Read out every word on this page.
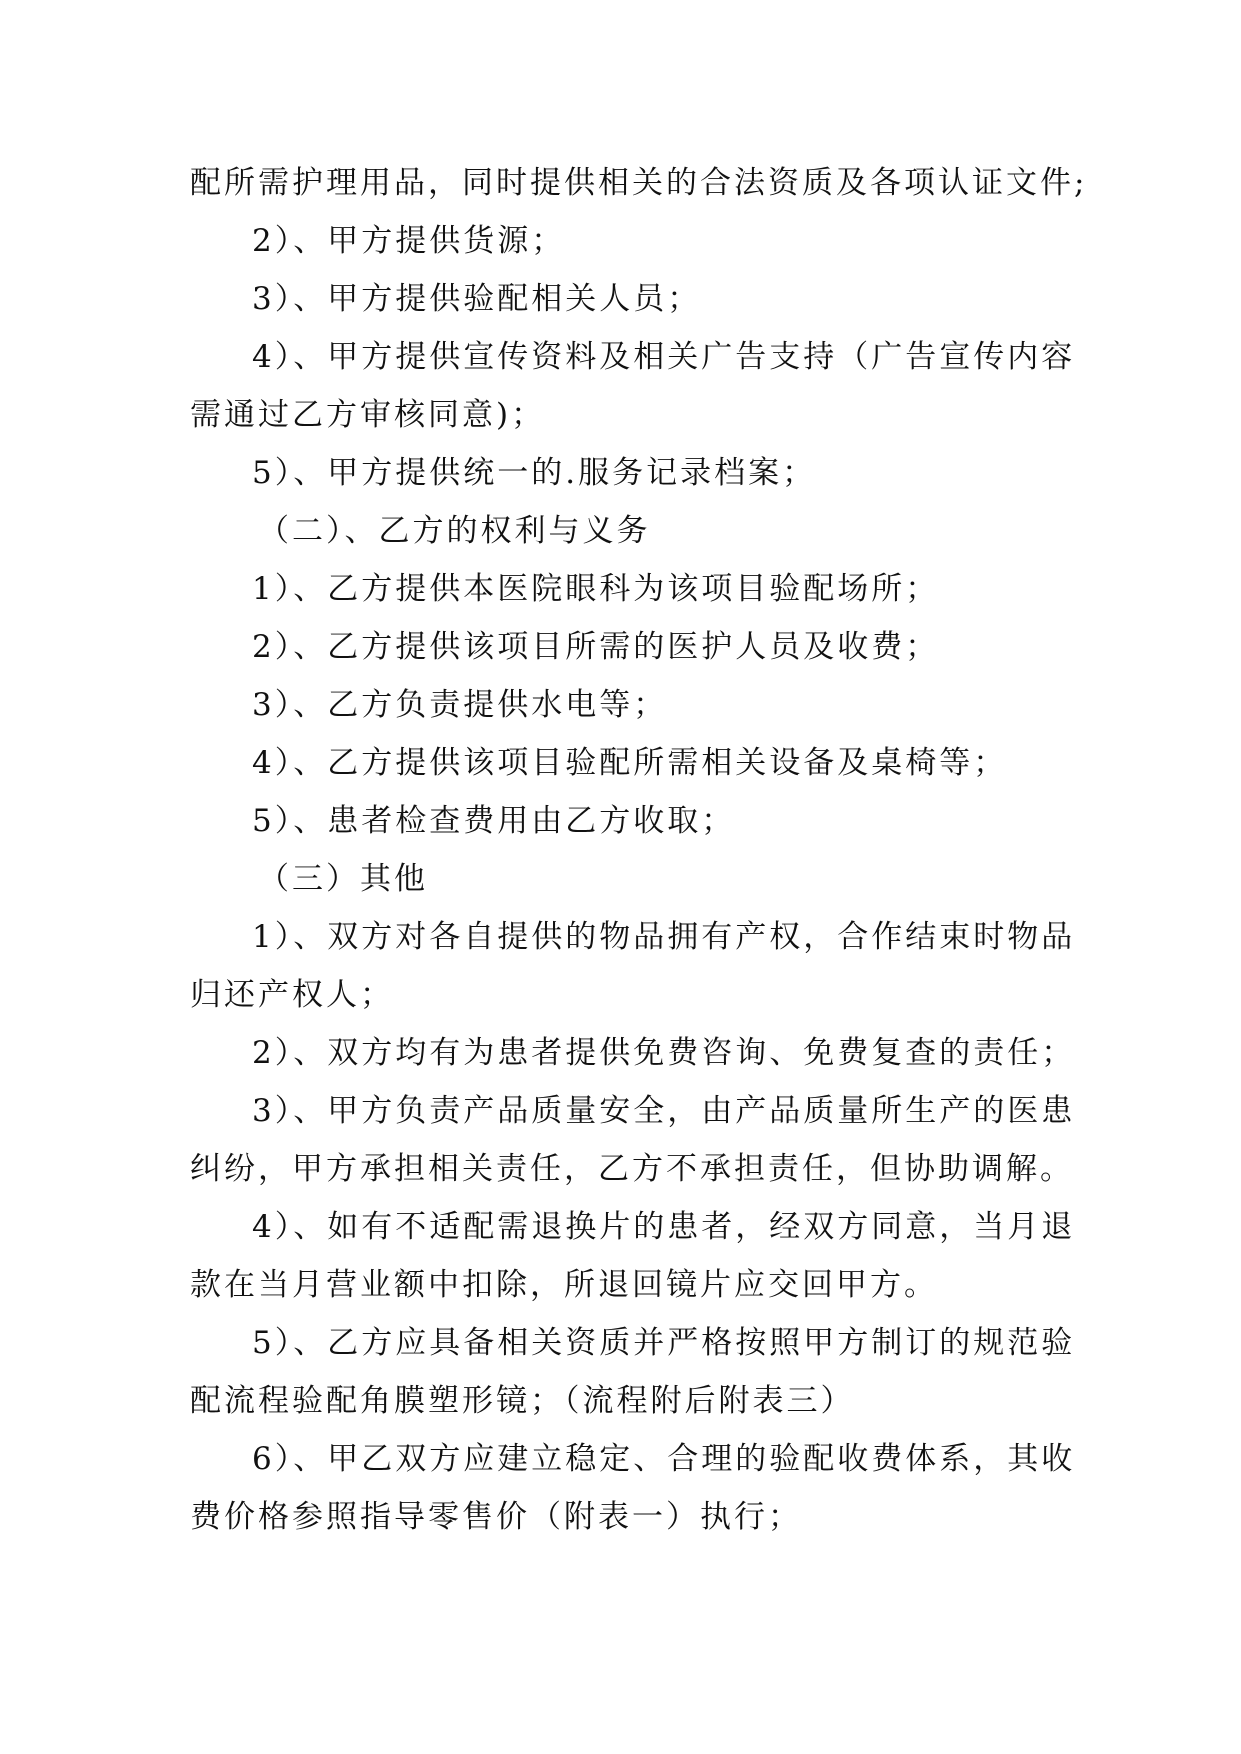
配所需护理用品，同时提供相关的合法资质及各项认证文件;
2）、甲方提供货源；
3）、甲方提供验配相关人员；
4）、甲方提供宣传资料及相关广告支持（广告宣传内容
需通过乙方审核同意)；
5）、甲方提供统一的.服务记录档案；
（二）、乙方的权利与义务
1）、乙方提供本医院眼科为该项目验配场所；
2）、乙方提供该项目所需的医护人员及收费；
3）、乙方负责提供水电等；
4）、乙方提供该项目验配所需相关设备及桌椅等；
5）、患者检查费用由乙方收取；
（三）其他
1）、双方对各自提供的物品拥有产权，合作结束时物品
归还产权人；
2）、双方均有为患者提供免费咨询、免费复查的责任；
3）、甲方负责产品质量安全，由产品质量所生产的医患
纠纷，甲方承担相关责任，乙方不承担责任，但协助调解。
4）、如有不适配需退换片的患者，经双方同意，当月退
款在当月营业额中扣除，所退回镜片应交回甲方。
5）、乙方应具备相关资质并严格按照甲方制订的规范验
配流程验配角膜塑形镜；（流程附后附表三）
6）、甲乙双方应建立稳定、合理的验配收费体系，其收
费价格参照指导零售价（附表一）执行；
